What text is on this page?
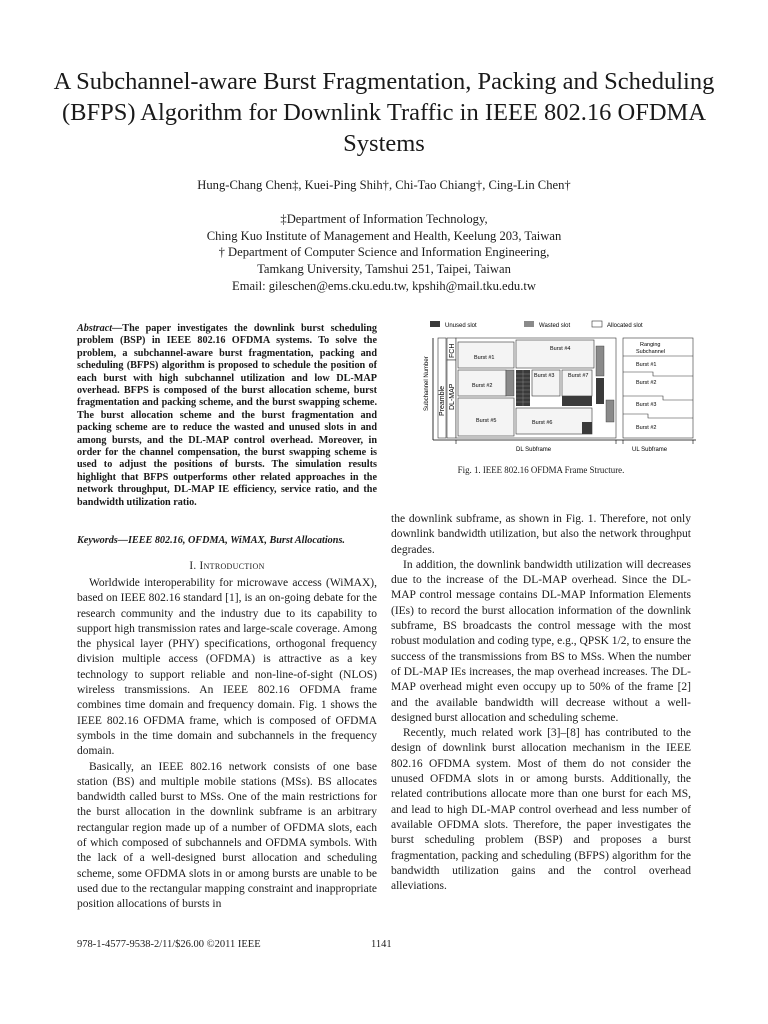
A Subchannel-aware Burst Fragmentation, Packing and Scheduling (BFPS) Algorithm for Downlink Traffic in IEEE 802.16 OFDMA Systems
Hung-Chang Chen‡, Kuei-Ping Shih†, Chi-Tao Chiang†, Cing-Lin Chen†
‡Department of Information Technology,
Ching Kuo Institute of Management and Health, Keelung 203, Taiwan
† Department of Computer Science and Information Engineering,
Tamkang University, Tamshui 251, Taipei, Taiwan
Email: gileschen@ems.cku.edu.tw, kpshih@mail.tku.edu.tw
Abstract—The paper investigates the downlink burst scheduling problem (BSP) in IEEE 802.16 OFDMA systems. To solve the problem, a subchannel-aware burst fragmentation, packing and scheduling (BFPS) algorithm is proposed to schedule the position of each burst with high subchannel utilization and low DL-MAP overhead. BFPS is composed of the burst allocation scheme, burst fragmentation and packing scheme, and the burst swapping scheme. The burst allocation scheme and the burst fragmentation and packing scheme are to reduce the wasted and unused slots in and among bursts, and the DL-MAP control overhead. Moreover, in order for the channel compensation, the burst swapping scheme is used to adjust the positions of bursts. The simulation results highlight that BFPS outperforms other related approaches in the network throughput, DL-MAP IE efficiency, service ratio, and the bandwidth utilization ratio.
Keywords—IEEE 802.16, OFDMA, WiMAX, Burst Allocations.
I. Introduction

Worldwide interoperability for microwave access (WiMAX), based on IEEE 802.16 standard [1], is an on-going debate for the research community and the industry due to its capability to support high transmission rates and large-scale coverage. Among the physical layer (PHY) specifications, orthogonal frequency division multiple access (OFDMA) is attractive as a key technology to support reliable and non-line-of-sight (NLOS) wireless transmissions. An IEEE 802.16 OFDMA frame combines time domain and frequency domain. Fig. 1 shows the IEEE 802.16 OFDMA frame, which is composed of OFDMA symbols in the time domain and subchannels in the frequency domain.

Basically, an IEEE 802.16 network consists of one base station (BS) and multiple mobile stations (MSs). BS allocates bandwidth called burst to MSs. One of the main restrictions for the burst allocation in the downlink subframe is an arbitrary rectangular region made up of a number of OFDMA slots, each of which composed of subchannels and OFDMA symbols. With the lack of a well-designed burst allocation and scheduling scheme, some OFDMA slots in or among bursts are unable to be used due to the rectangular mapping constraint and inappropriate position allocations of bursts in

Unused slot	Wasted slot	Allocated slot
Subchannel Number Preamble
FCH
DL-MAP
Burst #1
Burst #2
Burst #5
Burst #4
Burst #3 Burst #7
Burst #6
Ranging
Subchannel
Burst #1
Burst #2
Burst #3
Burst #2
DL Subframe	UL Subframe
Fig. 1. IEEE 802.16 OFDMA Frame Structure.

the downlink subframe, as shown in Fig. 1. Therefore, not only downlink bandwidth utilization, but also the network throughput degrades.

In addition, the downlink bandwidth utilization will decreases due to the increase of the DL-MAP overhead. Since the DL-MAP control message contains DL-MAP Information Elements (IEs) to record the burst allocation information of the downlink subframe, BS broadcasts the control message with the most robust modulation and coding type, e.g., QPSK 1/2, to ensure the success of the transmissions from BS to MSs. When the number of DL-MAP IEs increases, the map overhead increases. The DL-MAP overhead might even occupy up to 50% of the frame [2] and the available bandwidth will decrease without a well-designed burst allocation and scheduling scheme.

Recently, much related work [3]–[8] has contributed to the design of downlink burst allocation mechanism in the IEEE 802.16 OFDMA system. Most of them do not consider the unused OFDMA slots in or among bursts. Additionally, the related contributions allocate more than one burst for each MS, and lead to high DL-MAP control overhead and less number of available OFDMA slots. Therefore, the paper investigates the burst scheduling problem (BSP) and proposes a burst fragmentation, packing and scheduling (BFPS) algorithm for the bandwidth utilization gains and the control overhead alleviations.

978-1-4577-9538-2/11/$26.00 ©2011 IEEE	1141
